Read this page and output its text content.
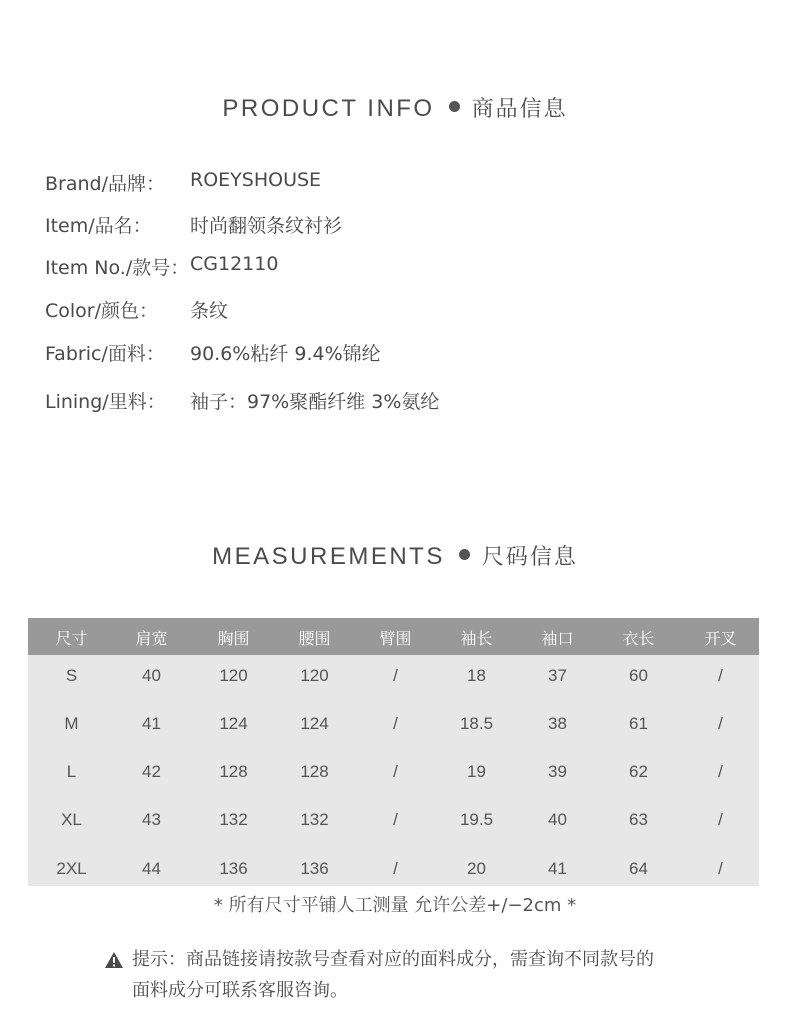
PRODUCT INFO 商品信息
Brand/品牌： ROEYSHOUSE
Item/品名： 时尚翻领条纹衬衫
Item No./款号： CG12110
Color/颜色： 条纹
Fabric/面料： 90.6%粘纤 9.4%锦纶
Lining/里料： 袖子：97%聚酯纤维 3%氨纶
MEASUREMENTS 尺码信息
尺寸	肩宽	胸围	腰围	臂围	袖长	袖口	衣长	开叉
S	40	120	120	/	18	37	60	/
M	41	124	124	/	18.5	38	61	/
L	42	128	128	/	19	39	62	/
XL	43	132	132	/	19.5	40	63	/
2XL	44	136	136	/	20	41	64	/
* 所有尺寸平铺人工测量 允许公差+/−2cm *
提示：商品链接请按款号查看对应的面料成分，需查询不同款号的
面料成分可联系客服咨询。
